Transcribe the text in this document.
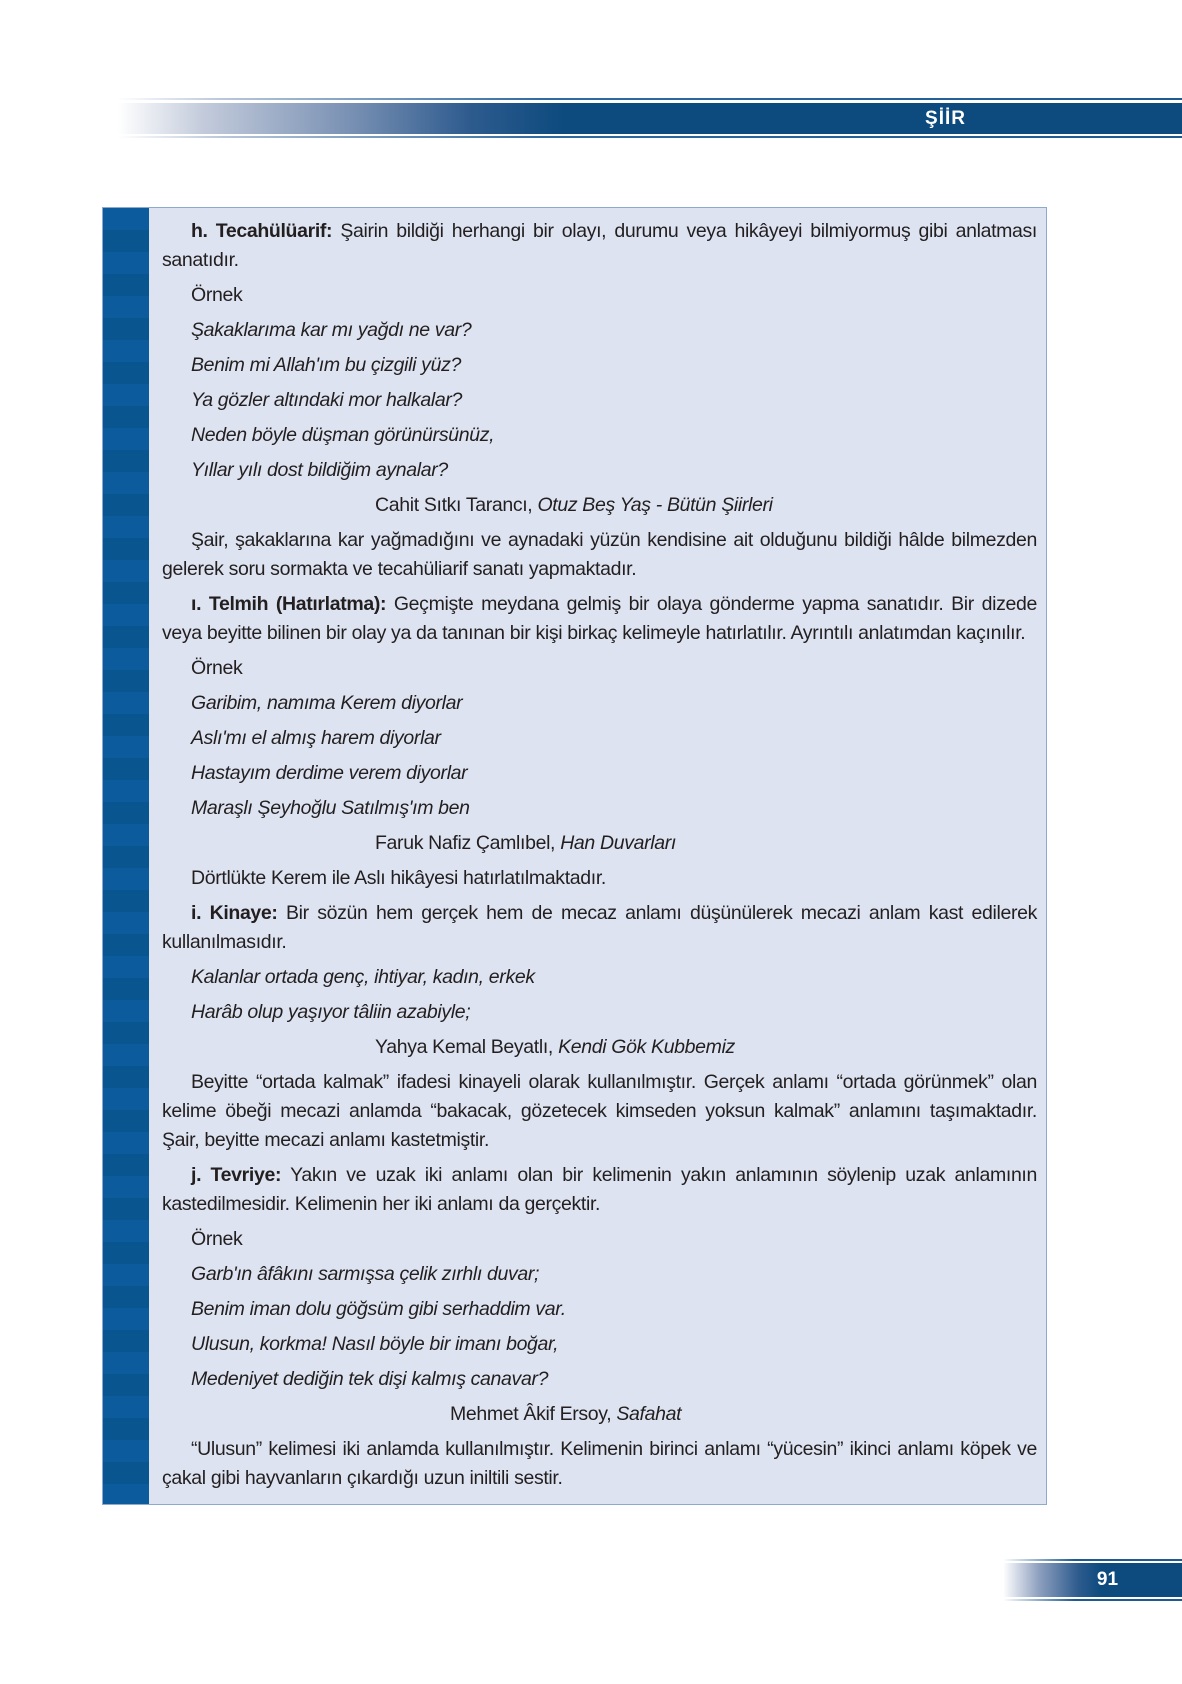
ŞİİR

h. Tecahülüarif: Şairin bildiği herhangi bir olayı, durumu veya hikâyeyi bilmiyormuş gibi anlatması sanatıdır.

Örnek

Şakaklarıma kar mı yağdı ne var?

Benim mi Allah'ım bu çizgili yüz?

Ya gözler altındaki mor halkalar?

Neden böyle düşman görünürsünüz,

Yıllar yılı dost bildiğim aynalar?

Cahit Sıtkı Tarancı, Otuz Beş Yaş - Bütün Şiirleri

Şair, şakaklarına kar yağmadığını ve aynadaki yüzün kendisine ait olduğunu bildiği hâlde bilmezden gelerek soru sormakta ve tecahüliarif sanatı yapmaktadır.

ı. Telmih (Hatırlatma): Geçmişte meydana gelmiş bir olaya gönderme yapma sanatıdır. Bir dizede veya beyitte bilinen bir olay ya da tanınan bir kişi birkaç kelimeyle hatırlatılır. Ayrıntılı anlatımdan kaçınılır.

Örnek

Garibim, namıma Kerem diyorlar

Aslı'mı el almış harem diyorlar

Hastayım derdime verem diyorlar

Maraşlı Şeyhoğlu Satılmış'ım ben

Faruk Nafiz Çamlıbel, Han Duvarları

Dörtlükte Kerem ile Aslı hikâyesi hatırlatılmaktadır.

i. Kinaye: Bir sözün hem gerçek hem de mecaz anlamı düşünülerek mecazi anlam kast edilerek kullanılmasıdır.

Kalanlar ortada genç, ihtiyar, kadın, erkek

Harâb olup yaşıyor tâliin azabiyle;

Yahya Kemal Beyatlı, Kendi Gök Kubbemiz

Beyitte “ortada kalmak” ifadesi kinayeli olarak kullanılmıştır. Gerçek anlamı “ortada görünmek” olan kelime öbeği mecazi anlamda “bakacak, gözetecek kimseden yoksun kalmak” anlamını taşımaktadır. Şair, beyitte mecazi anlamı kastetmiştir.

j. Tevriye: Yakın ve uzak iki anlamı olan bir kelimenin yakın anlamının söylenip uzak anlamının kastedilmesidir. Kelimenin her iki anlamı da gerçektir.

Örnek

Garb'ın âfâkını sarmışsa çelik zırhlı duvar;

Benim iman dolu göğsüm gibi serhaddim var.

Ulusun, korkma! Nasıl böyle bir imanı boğar,

Medeniyet dediğin tek dişi kalmış canavar?

Mehmet Âkif Ersoy, Safahat

“Ulusun” kelimesi iki anlamda kullanılmıştır. Kelimenin birinci anlamı “yücesin” ikinci anlamı köpek ve çakal gibi hayvanların çıkardığı uzun iniltili sestir.

91
